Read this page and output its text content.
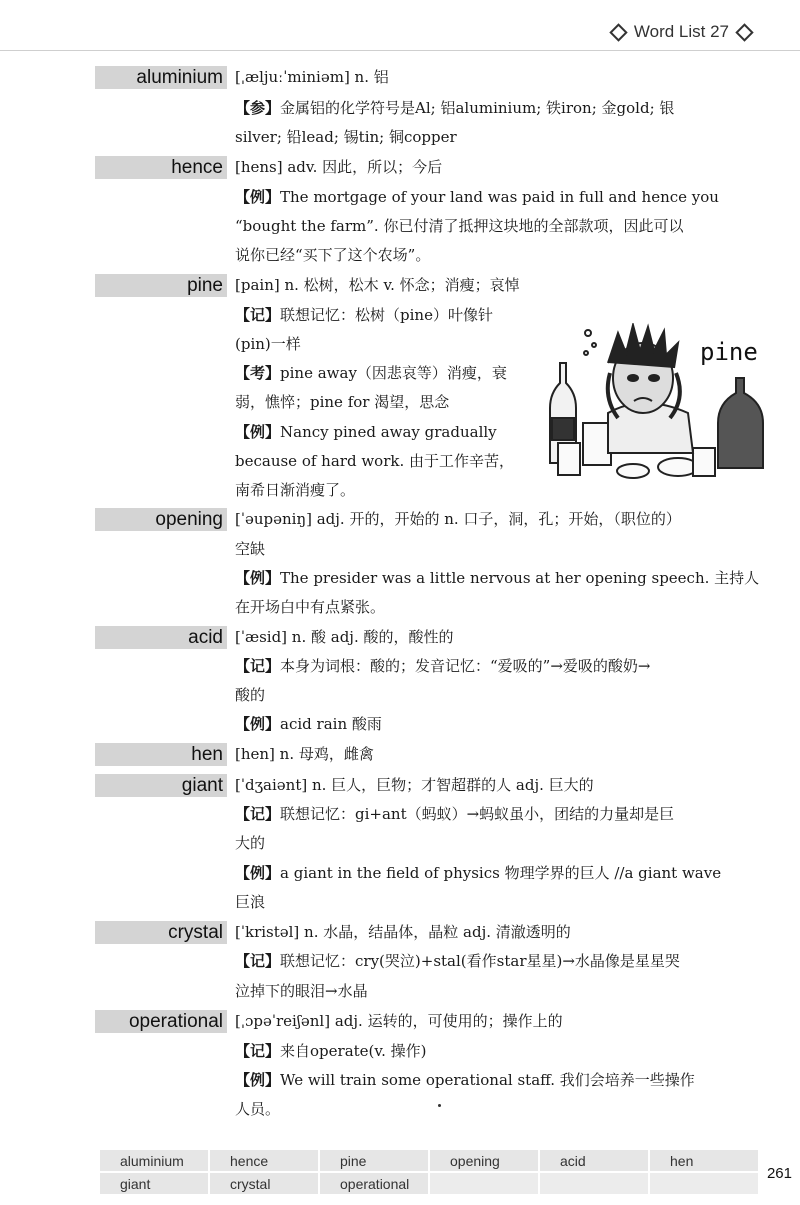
Word List 27
aluminium [ˌæljuːˈminiəm] n. 铝
【参】金属铝的化学符号是Al; 铝aluminium; 铁iron; 金gold; 银
silver; 铅lead; 锡tin; 铜copper
hence [hens] adv. 因此，所以；今后
【例】The mortgage of your land was paid in full and hence you
“bought the farm”. 你已付清了抵押这块地的全部款项，因此可以
说你已经“买下了这个农场”。
pine [pain] n. 松树，松木 v. 怀念；消瘦；哀悼
【记】联想记忆：松树（pine）叶像针
(pin)一样
【考】pine away（因悲哀等）消瘦，衰
弱，憔悴；pine for 渴望，思念
【例】Nancy pined away gradually
because of hard work. 由于工作辛苦，
南希日渐消瘦了。
pine
opening [ˈəupəniŋ] adj. 开的，开始的 n. 口子，洞，孔；开始，（职位的）
空缺
【例】The presider was a little nervous at her opening speech. 主持人
在开场白中有点紧张。
acid [ˈæsid] n. 酸 adj. 酸的，酸性的
【记】本身为词根：酸的；发音记忆：“爱吸的”→爱吸的酸奶→
酸的
【例】acid rain 酸雨
hen [hen] n. 母鸡，雌禽
giant [ˈdʒaiənt] n. 巨人，巨物；才智超群的人 adj. 巨大的
【记】联想记忆：gi+ant（蚂蚁）→蚂蚁虽小，团结的力量却是巨
大的
【例】a giant in the field of physics 物理学界的巨人 //a giant wave
巨浪
crystal [ˈkristəl] n. 水晶，结晶体，晶粒 adj. 清澈透明的
【记】联想记忆：cry(哭泣)+stal(看作star星星)→水晶像是星星哭
泣掉下的眼泪→水晶
operational [ˌɔpəˈreiʃənl] adj. 运转的，可使用的；操作上的
【记】来自operate(v. 操作)
【例】We will train some operational staff. 我们会培养一些操作
人员。
aluminium	hence	pine	opening	acid	hen
giant	crystal	operational
261
